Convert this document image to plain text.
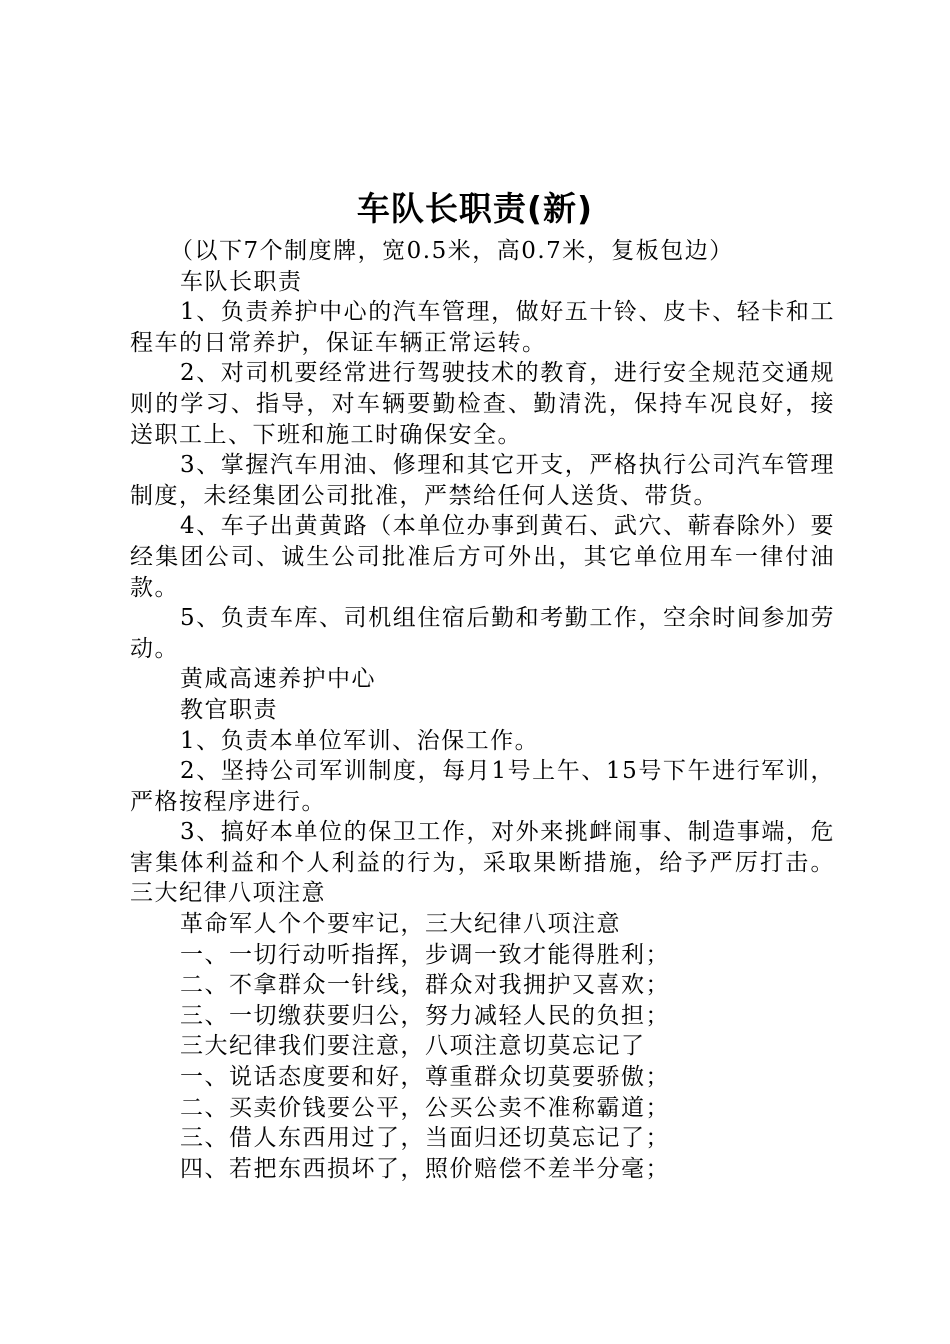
车队长职责(新)

（以下7个制度牌，宽0.5米，高0.7米，复板包边）

车队长职责

1、负责养护中心的汽车管理，做好五十铃、皮卡、轻卡和工程车的日常养护，保证车辆正常运转。

2、对司机要经常进行驾驶技术的教育，进行安全规范交通规则的学习、指导，对车辆要勤检查、勤清洗，保持车况良好，接送职工上、下班和施工时确保安全。

3、掌握汽车用油、修理和其它开支，严格执行公司汽车管理制度，未经集团公司批准，严禁给任何人送货、带货。

4、车子出黄黄路（本单位办事到黄石、武穴、蕲春除外）要经集团公司、诚生公司批准后方可外出，其它单位用车一律付油款。

5、负责车库、司机组住宿后勤和考勤工作，空余时间参加劳动。

黄咸高速养护中心

教官职责

1、负责本单位军训、治保工作。

2、坚持公司军训制度，每月1号上午、15号下午进行军训，严格按程序进行。

3、搞好本单位的保卫工作，对外来挑衅闹事、制造事端，危害集体利益和个人利益的行为，采取果断措施，给予严厉打击。三大纪律八项注意

革命军人个个要牢记，三大纪律八项注意

一、一切行动听指挥，步调一致才能得胜利；

二、不拿群众一针线，群众对我拥护又喜欢；

三、一切缴获要归公，努力减轻人民的负担；

三大纪律我们要注意，八项注意切莫忘记了

一、说话态度要和好，尊重群众切莫要骄傲；

二、买卖价钱要公平，公买公卖不准称霸道；

三、借人东西用过了，当面归还切莫忘记了；

四、若把东西损坏了，照价赔偿不差半分毫；
